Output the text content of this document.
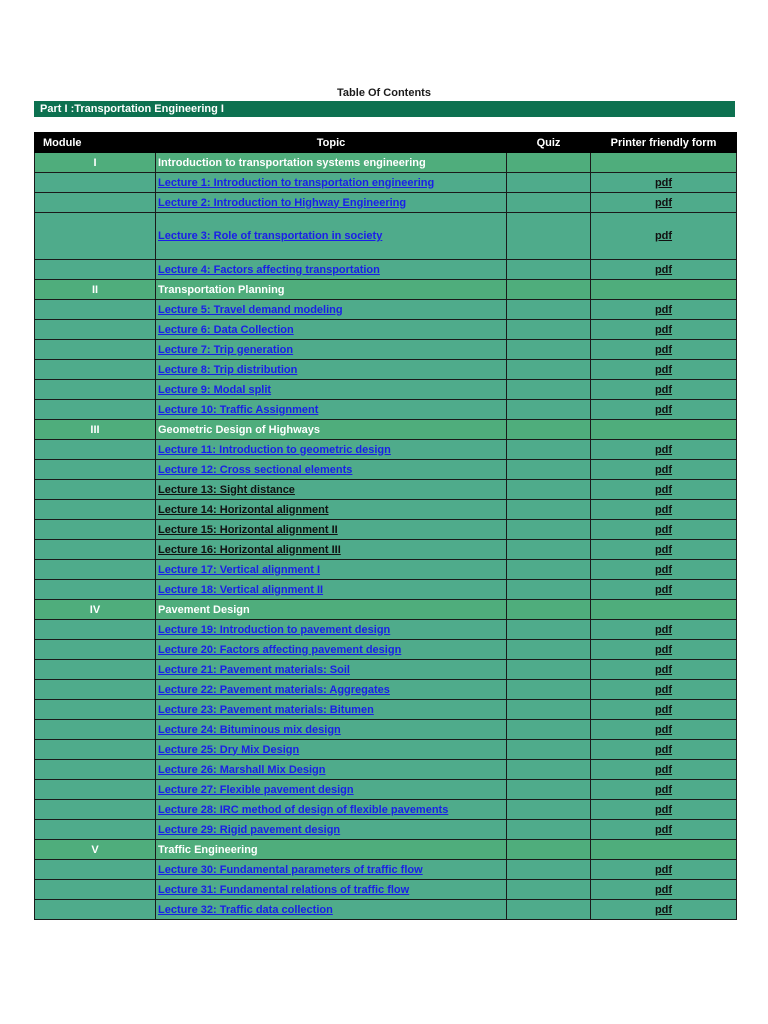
Table Of Contents
Part I :Transportation Engineering I
Module	Topic	Quiz	Printer friendly form
I	Introduction to transportation systems engineering		
	Lecture 1: Introduction to transportation engineering		pdf
	Lecture 2: Introduction to Highway Engineering		pdf
	Lecture 3: Role of transportation in society		pdf
	Lecture 4: Factors affecting transportation		pdf
II	Transportation Planning		
	Lecture 5: Travel demand modeling		pdf
	Lecture 6: Data Collection		pdf
	Lecture 7: Trip generation		pdf
	Lecture 8: Trip distribution		pdf
	Lecture 9: Modal split		pdf
	Lecture 10: Traffic Assignment		pdf
III	Geometric Design of Highways		
	Lecture 11: Introduction to geometric design		pdf
	Lecture 12: Cross sectional elements		pdf
	Lecture 13: Sight distance		pdf
	Lecture 14: Horizontal alignment		pdf
	Lecture 15: Horizontal alignment II		pdf
	Lecture 16: Horizontal alignment III		pdf
	Lecture 17: Vertical alignment I		pdf
	Lecture 18: Vertical alignment II		pdf
IV	Pavement Design		
	Lecture 19: Introduction to pavement design		pdf
	Lecture 20: Factors affecting pavement design		pdf
	Lecture 21: Pavement materials: Soil		pdf
	Lecture 22: Pavement materials: Aggregates		pdf
	Lecture 23: Pavement materials: Bitumen		pdf
	Lecture 24: Bituminous mix design		pdf
	Lecture 25: Dry Mix Design		pdf
	Lecture 26: Marshall Mix Design		pdf
	Lecture 27: Flexible pavement design		pdf
	Lecture 28: IRC method of design of flexible pavements		pdf
	Lecture 29: Rigid pavement design		pdf
V	Traffic Engineering		
	Lecture 30: Fundamental parameters of traffic flow		pdf
	Lecture 31: Fundamental relations of traffic flow		pdf
	Lecture 32: Traffic data collection		pdf
